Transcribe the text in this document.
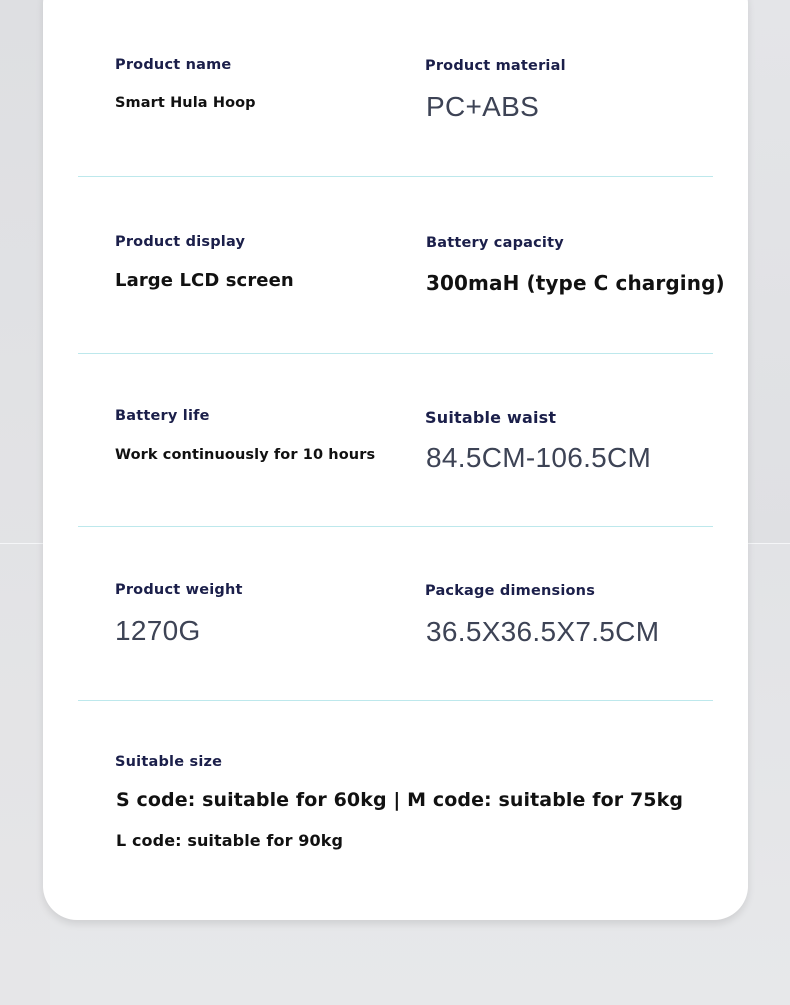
Product name
Smart Hula Hoop
Product material
PC+ABS
Product display
Large LCD screen
Battery capacity
300maH (type C charging)
Battery life
Work continuously for 10 hours
Suitable waist
84.5CM-106.5CM
Product weight
1270G
Package dimensions
36.5X36.5X7.5CM
Suitable size
S code: suitable for 60kg | M code: suitable for 75kg
L code: suitable for 90kg
